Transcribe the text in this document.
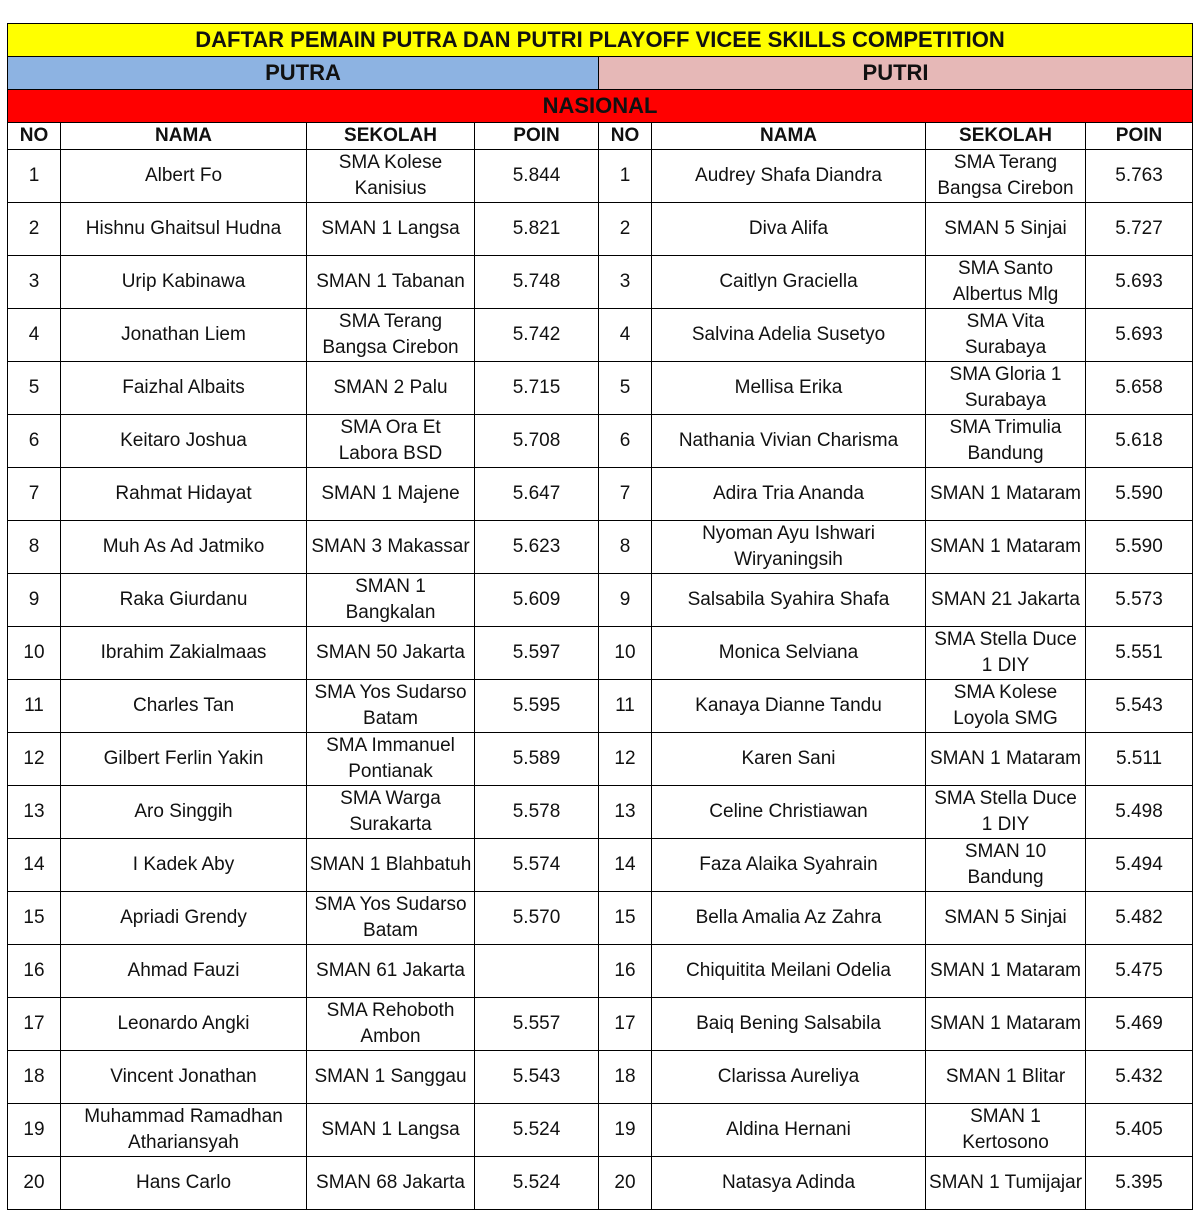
DAFTAR PEMAIN PUTRA DAN PUTRI PLAYOFF VICEE SKILLS COMPETITION							
PUTRA				PUTRI			
NASIONAL							
NO	NAMA	SEKOLAH	POIN	NO	NAMA	SEKOLAH	POIN
1	Albert Fo	SMA Kolese Kanisius	5.844	1	Audrey Shafa Diandra	SMA Terang Bangsa Cirebon	5.763
2	Hishnu Ghaitsul Hudna	SMAN 1 Langsa	5.821	2	Diva Alifa	SMAN 5 Sinjai	5.727
3	Urip Kabinawa	SMAN 1 Tabanan	5.748	3	Caitlyn Graciella	SMA Santo Albertus Mlg	5.693
4	Jonathan Liem	SMA Terang Bangsa Cirebon	5.742	4	Salvina Adelia Susetyo	SMA Vita Surabaya	5.693
5	Faizhal Albaits	SMAN 2 Palu	5.715	5	Mellisa Erika	SMA Gloria 1 Surabaya	5.658
6	Keitaro Joshua	SMA Ora Et Labora BSD	5.708	6	Nathania Vivian Charisma	SMA Trimulia Bandung	5.618
7	Rahmat Hidayat	SMAN 1 Majene	5.647	7	Adira Tria Ananda	SMAN 1 Mataram	5.590
8	Muh As Ad Jatmiko	SMAN 3 Makassar	5.623	8	Nyoman Ayu Ishwari Wiryaningsih	SMAN 1 Mataram	5.590
9	Raka Giurdanu	SMAN 1 Bangkalan	5.609	9	Salsabila Syahira Shafa	SMAN 21 Jakarta	5.573
10	Ibrahim Zakialmaas	SMAN 50 Jakarta	5.597	10	Monica Selviana	SMA Stella Duce 1 DIY	5.551
11	Charles Tan	SMA Yos Sudarso Batam	5.595	11	Kanaya Dianne Tandu	SMA Kolese Loyola SMG	5.543
12	Gilbert Ferlin Yakin	SMA Immanuel Pontianak	5.589	12	Karen Sani	SMAN 1 Mataram	5.511
13	Aro Singgih	SMA Warga Surakarta	5.578	13	Celine Christiawan	SMA Stella Duce 1 DIY	5.498
14	I Kadek Aby	SMAN 1 Blahbatuh	5.574	14	Faza Alaika Syahrain	SMAN 10 Bandung	5.494
15	Apriadi Grendy	SMA Yos Sudarso Batam	5.570	15	Bella Amalia Az Zahra	SMAN 5 Sinjai	5.482
16	Ahmad Fauzi	SMAN 61 Jakarta		16	Chiquitita Meilani Odelia	SMAN 1 Mataram	5.475
17	Leonardo Angki	SMA Rehoboth Ambon	5.557	17	Baiq Bening Salsabila	SMAN 1 Mataram	5.469
18	Vincent Jonathan	SMAN 1 Sanggau	5.543	18	Clarissa Aureliya	SMAN 1 Blitar	5.432
19	Muhammad Ramadhan Athariansyah	SMAN 1 Langsa	5.524	19	Aldina Hernani	SMAN 1 Kertosono	5.405
20	Hans Carlo	SMAN 68 Jakarta	5.524	20	Natasya Adinda	SMAN 1 Tumijajar	5.395
